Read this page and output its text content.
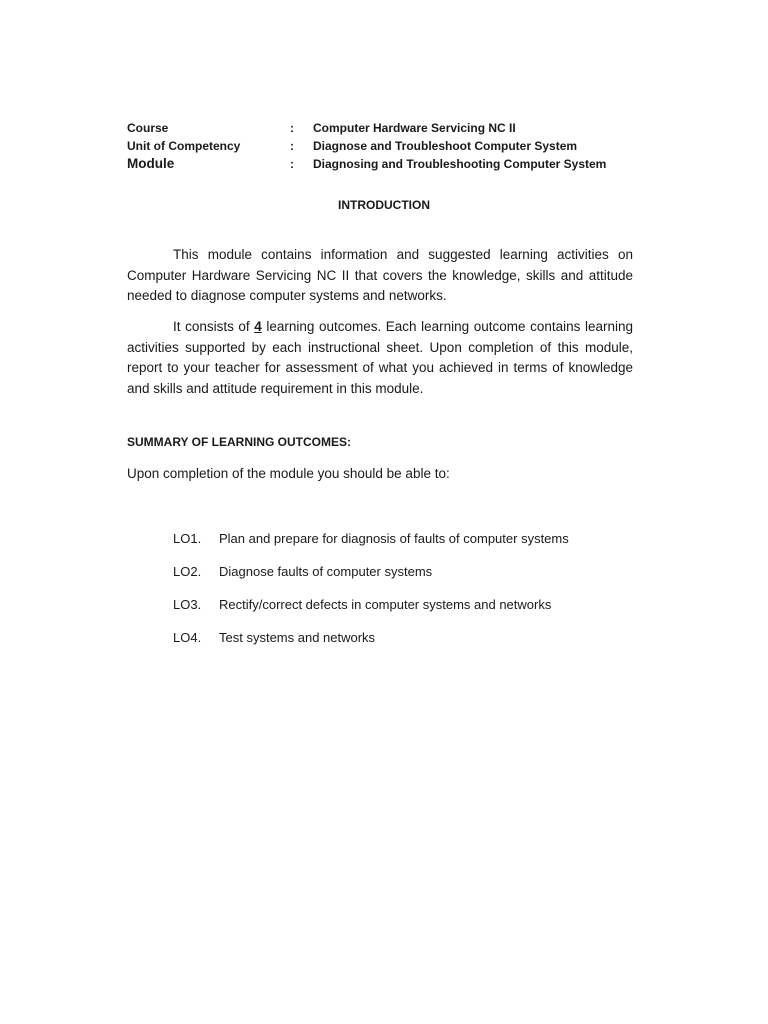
Course	: Computer Hardware Servicing NC II
Unit of Competency	: Diagnose and Troubleshoot Computer System
Module	: Diagnosing and Troubleshooting Computer System
INTRODUCTION

This module contains information and suggested learning activities on Computer Hardware Servicing NC II that covers the knowledge, skills and attitude needed to diagnose computer systems and networks.

It consists of 4 learning outcomes. Each learning outcome contains learning activities supported by each instructional sheet. Upon completion of this module, report to your teacher for assessment of what you achieved in terms of knowledge and skills and attitude requirement in this module.

SUMMARY OF LEARNING OUTCOMES:
Upon completion of the module you should be able to:
LO1. Plan and prepare for diagnosis of faults of computer systems
LO2. Diagnose faults of computer systems
LO3. Rectify/correct defects in computer systems and networks
LO4. Test systems and networks
